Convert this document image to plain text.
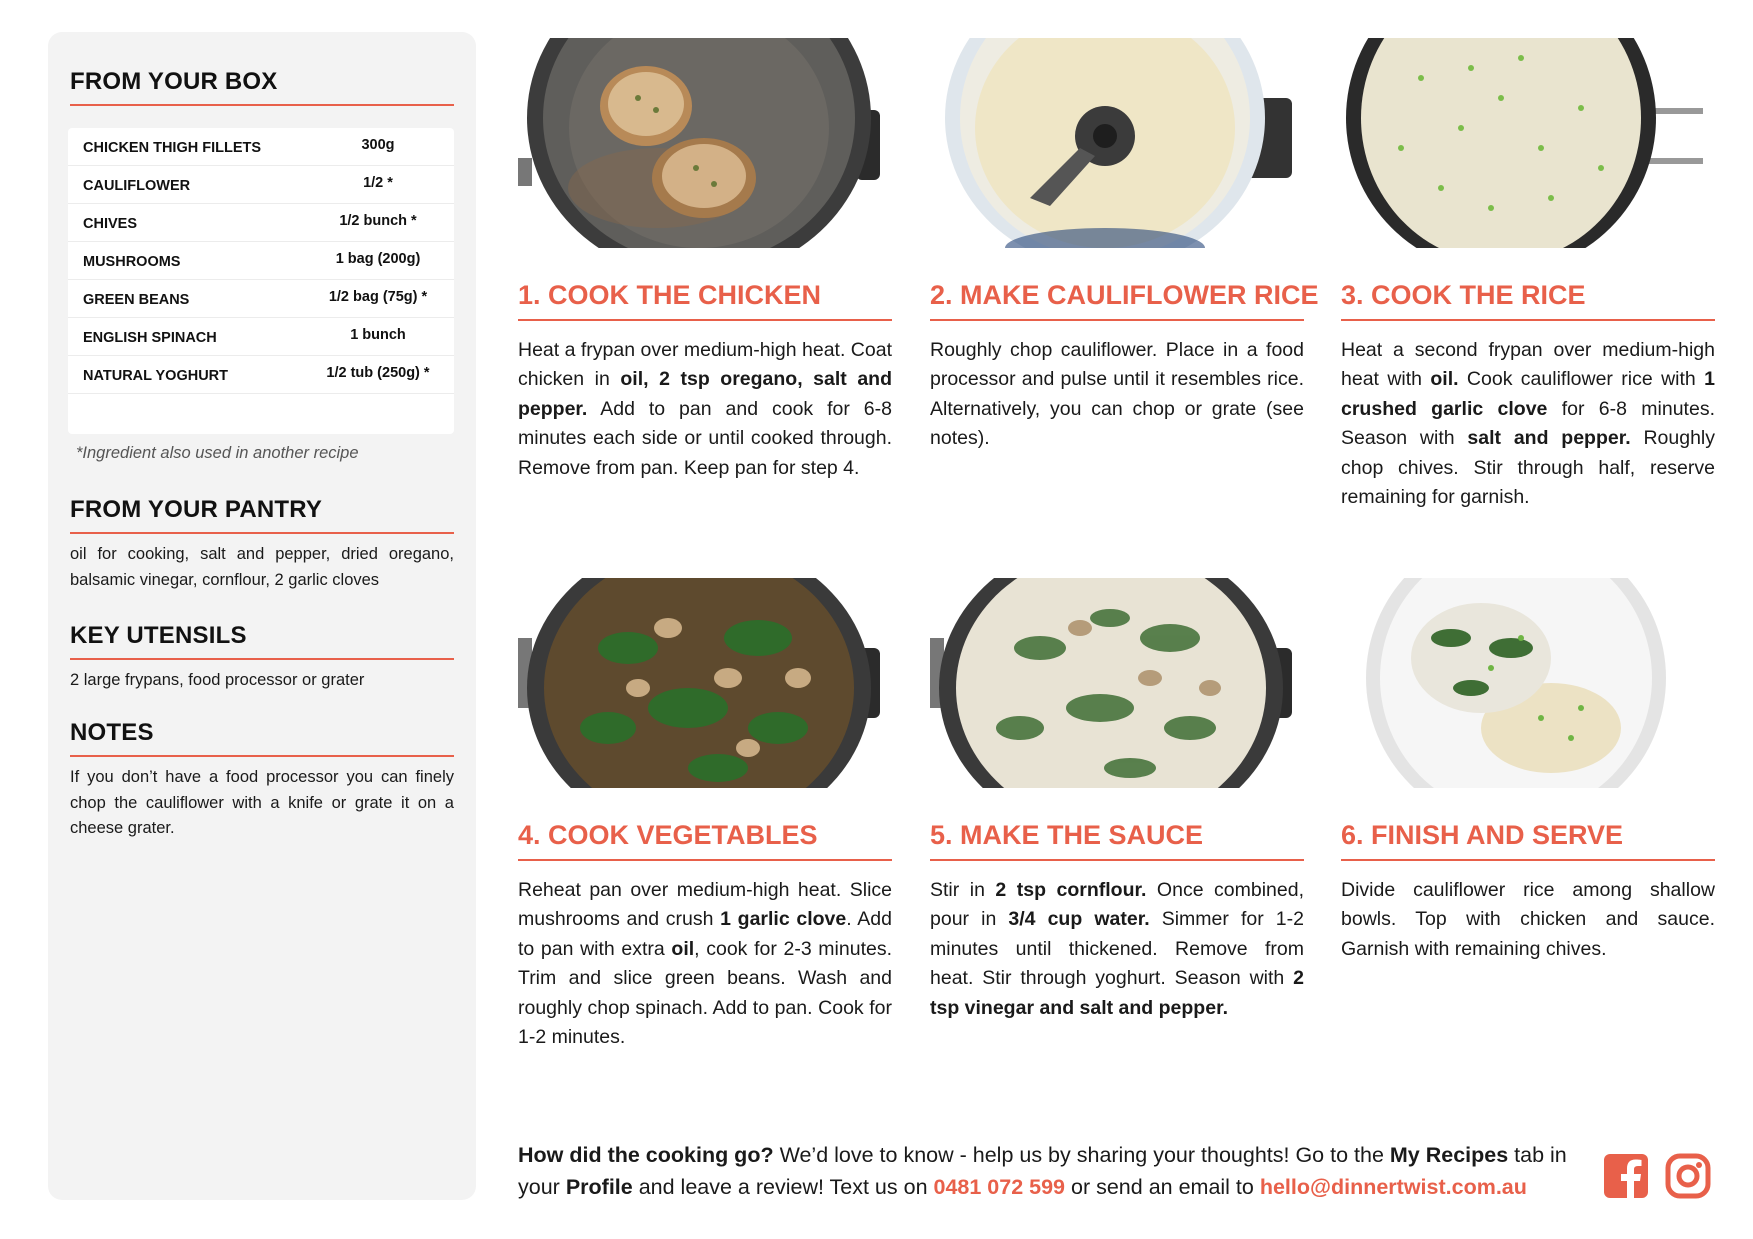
FROM YOUR BOX
CHICKEN THIGH FILLETS	300g
CAULIFLOWER	1/2 *
CHIVES	1/2 bunch *
MUSHROOMS	1 bag (200g)
GREEN BEANS	1/2 bag (75g) *
ENGLISH SPINACH	1 bunch
NATURAL YOGHURT	1/2 tub (250g) *
*Ingredient also used in another recipe
FROM YOUR PANTRY
oil for cooking, salt and pepper, dried oregano, balsamic vinegar, cornflour, 2 garlic cloves
KEY UTENSILS
2 large frypans, food processor or grater
NOTES
If you don’t have a food processor you can finely chop the cauliflower with a knife or grate it on a cheese grater.
1. COOK THE CHICKEN
Heat a frypan over medium-high heat. Coat chicken in oil, 2 tsp oregano, salt and pepper. Add to pan and cook for 6-8 minutes each side or until cooked through. Remove from pan. Keep pan for step 4.
2. MAKE CAULIFLOWER RICE
Roughly chop cauliflower. Place in a food processor and pulse until it resembles rice. Alternatively, you can chop or grate (see notes).
3. COOK THE RICE
Heat a second frypan over medium-high heat with oil. Cook cauliflower rice with 1 crushed garlic clove for 6-8 minutes. Season with salt and pepper. Roughly chop chives. Stir through half, reserve remaining for garnish.
4. COOK VEGETABLES
Reheat pan over medium-high heat. Slice mushrooms and crush 1 garlic clove. Add to pan with extra oil, cook for 2-3 minutes. Trim and slice green beans. Wash and roughly chop spinach. Add to pan. Cook for 1-2 minutes.
5. MAKE THE SAUCE
Stir in 2 tsp cornflour. Once combined, pour in 3/4 cup water. Simmer for 1-2 minutes until thickened. Remove from heat. Stir through yoghurt. Season with 2 tsp vinegar and salt and pepper.
6. FINISH AND SERVE
Divide cauliflower rice among shallow bowls. Top with chicken and sauce. Garnish with remaining chives.
How did the cooking go? We’d love to know - help us by sharing your thoughts! Go to the My Recipes tab in your Profile and leave a review! Text us on 0481 072 599 or send an email to hello@dinnertwist.com.au
